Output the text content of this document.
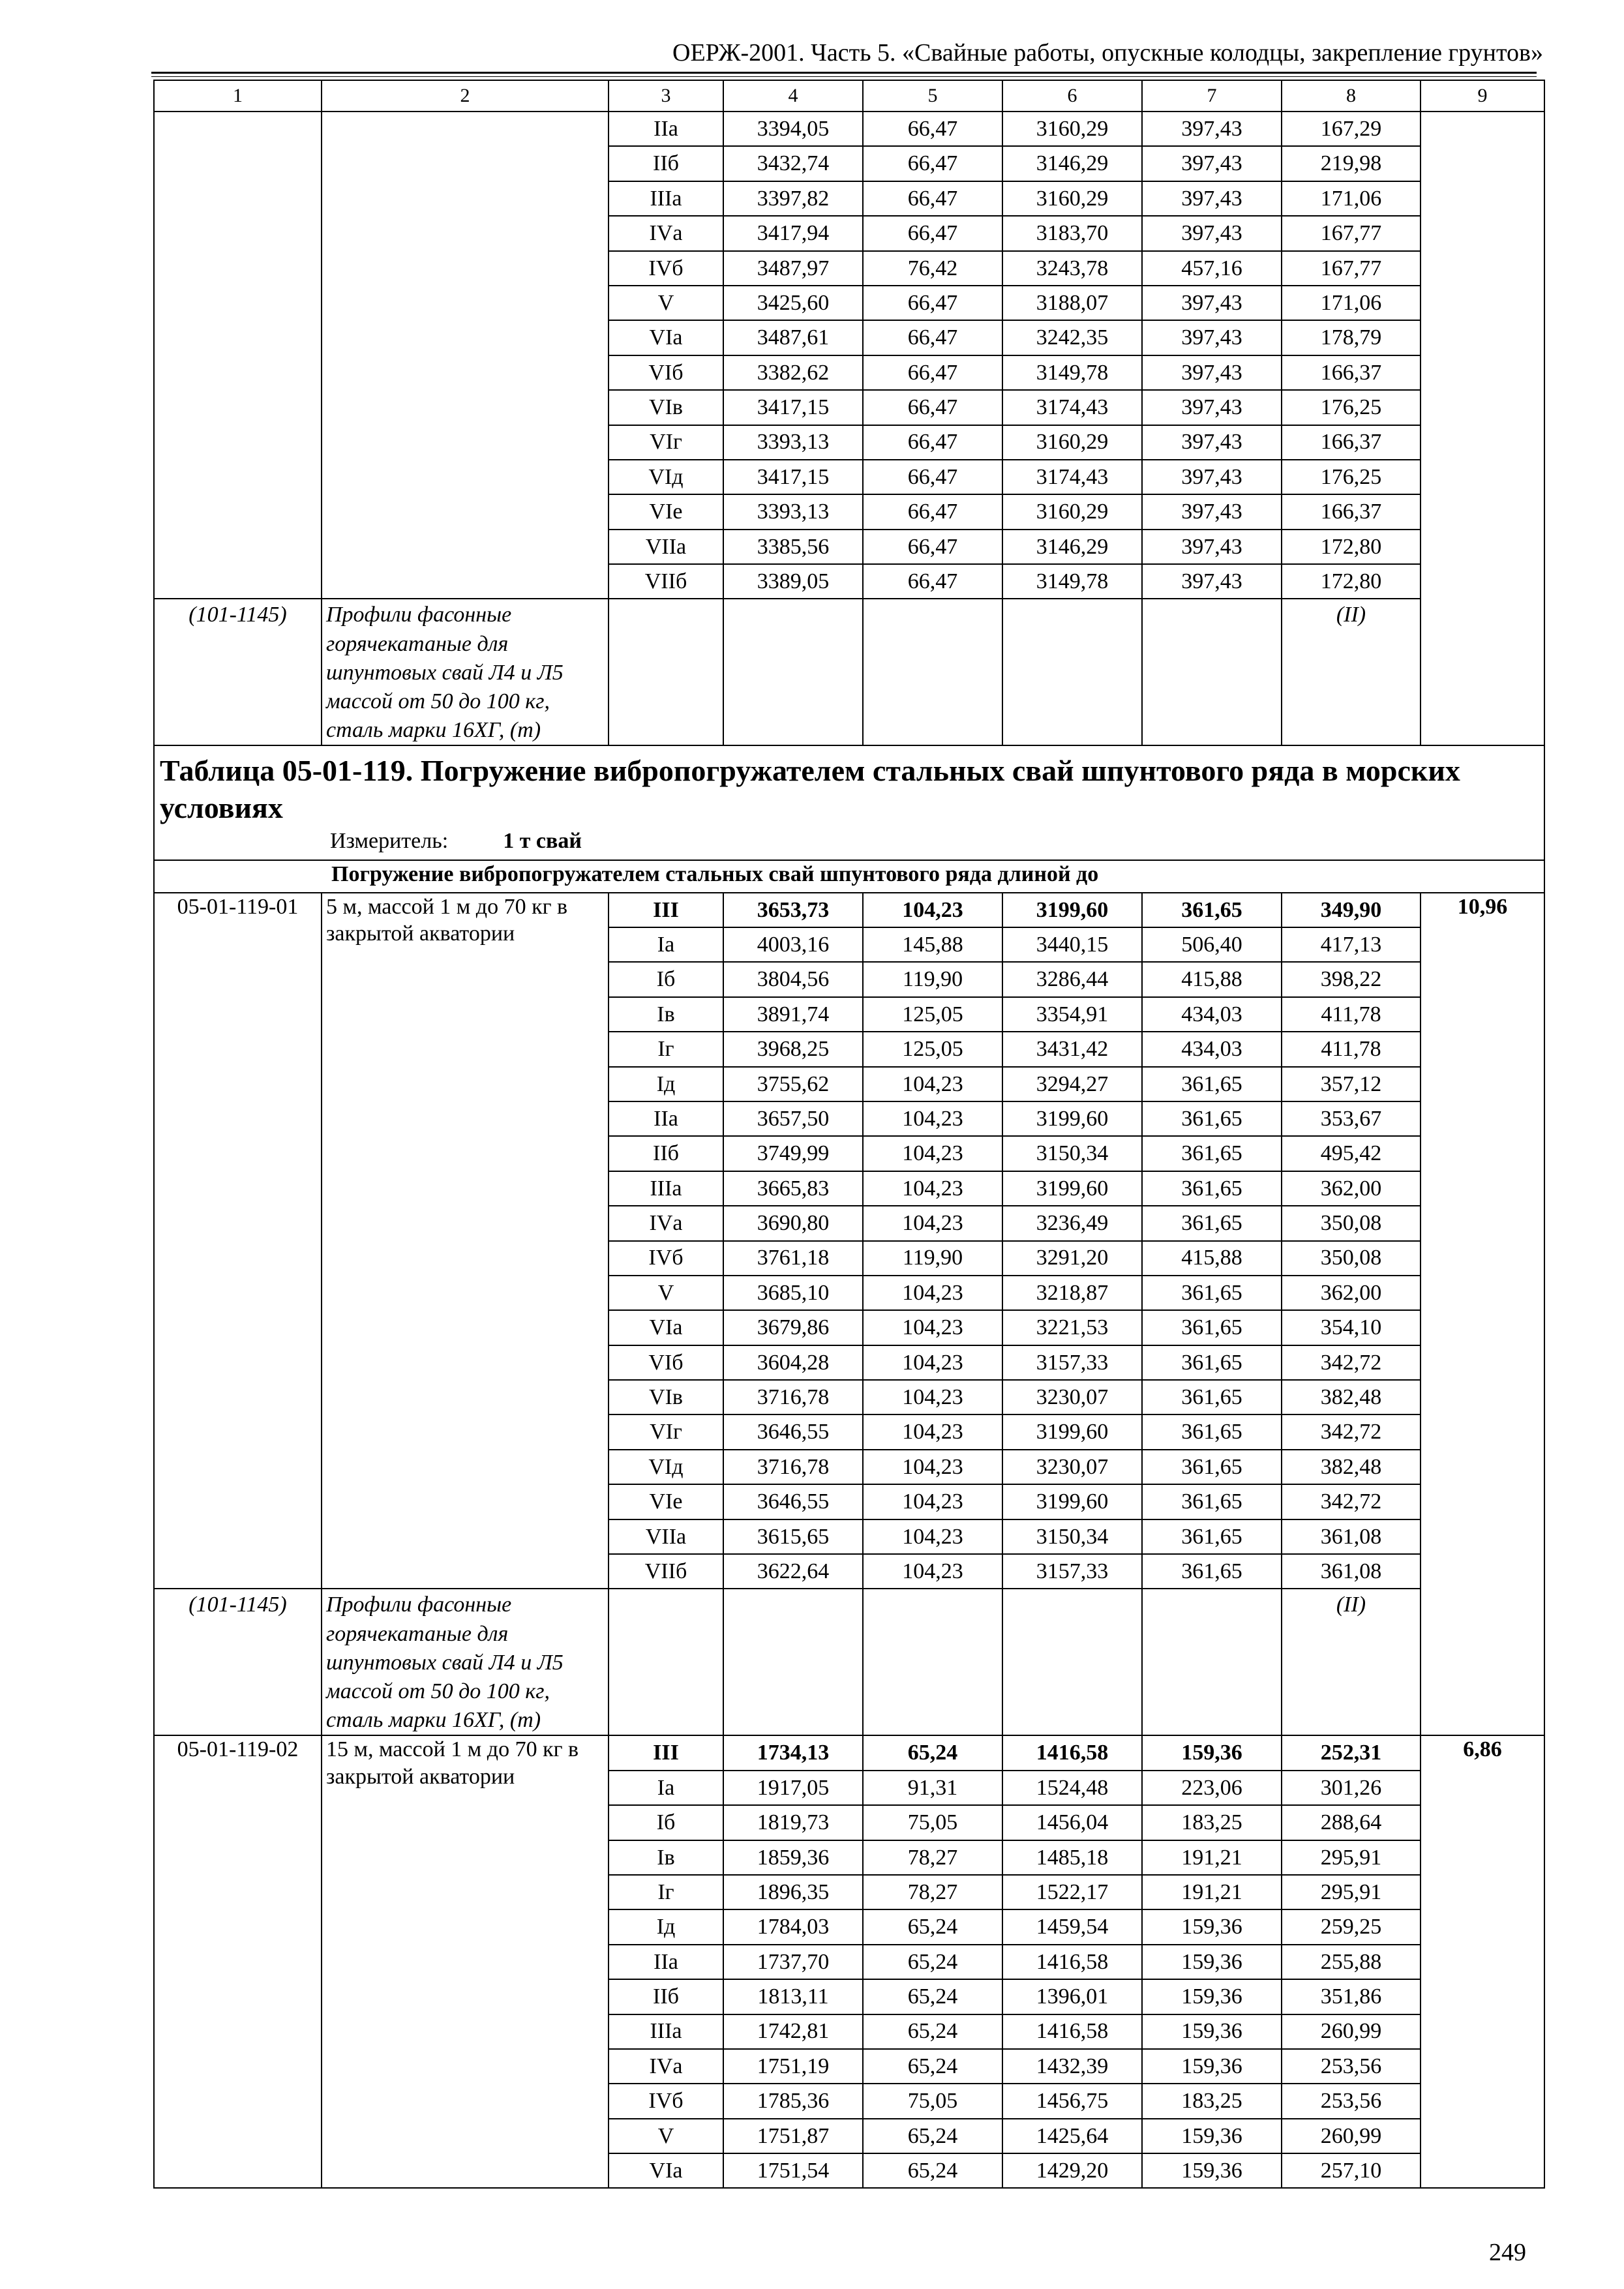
ОЕРЖ-2001. Часть 5. «Свайные работы, опускные колодцы, закрепление грунтов»
1	2	3	4	5	6	7	8	9
		IIа	3394,05	66,47	3160,29	397,43	167,29	
		IIб	3432,74	66,47	3146,29	397,43	219,98	
		IIIа	3397,82	66,47	3160,29	397,43	171,06	
		IVа	3417,94	66,47	3183,70	397,43	167,77	
		IVб	3487,97	76,42	3243,78	457,16	167,77	
		V	3425,60	66,47	3188,07	397,43	171,06	
		VIа	3487,61	66,47	3242,35	397,43	178,79	
		VIб	3382,62	66,47	3149,78	397,43	166,37	
		VIв	3417,15	66,47	3174,43	397,43	176,25	
		VIг	3393,13	66,47	3160,29	397,43	166,37	
		VIд	3417,15	66,47	3174,43	397,43	176,25	
		VIе	3393,13	66,47	3160,29	397,43	166,37	
		VIIа	3385,56	66,47	3146,29	397,43	172,80	
		VIIб	3389,05	66,47	3149,78	397,43	172,80	
(101-1145)	Профили фасонные горячекатаные для шпунтовых свай Л4 и Л5 массой от 50 до 100 кг, сталь марки 16ХГ, (т)						(II)	
Таблица 05-01-119. Погружение вибропогружателем стальных свай шпунтового ряда в морских условиях								
Измеритель: 1 т свай								
Погружение вибропогружателем стальных свай шпунтового ряда длиной до								
05-01-119-01	5 м, массой 1 м до 70 кг в закрытой акватории	III	3653,73	104,23	3199,60	361,65	349,90	10,96
		Iа	4003,16	145,88	3440,15	506,40	417,13	
		Iб	3804,56	119,90	3286,44	415,88	398,22	
		Iв	3891,74	125,05	3354,91	434,03	411,78	
		Iг	3968,25	125,05	3431,42	434,03	411,78	
		Iд	3755,62	104,23	3294,27	361,65	357,12	
		IIа	3657,50	104,23	3199,60	361,65	353,67	
		IIб	3749,99	104,23	3150,34	361,65	495,42	
		IIIа	3665,83	104,23	3199,60	361,65	362,00	
		IVа	3690,80	104,23	3236,49	361,65	350,08	
		IVб	3761,18	119,90	3291,20	415,88	350,08	
		V	3685,10	104,23	3218,87	361,65	362,00	
		VIа	3679,86	104,23	3221,53	361,65	354,10	
		VIб	3604,28	104,23	3157,33	361,65	342,72	
		VIв	3716,78	104,23	3230,07	361,65	382,48	
		VIг	3646,55	104,23	3199,60	361,65	342,72	
		VIд	3716,78	104,23	3230,07	361,65	382,48	
		VIе	3646,55	104,23	3199,60	361,65	342,72	
		VIIа	3615,65	104,23	3150,34	361,65	361,08	
		VIIб	3622,64	104,23	3157,33	361,65	361,08	
(101-1145)	Профили фасонные горячекатаные для шпунтовых свай Л4 и Л5 массой от 50 до 100 кг, сталь марки 16ХГ, (т)						(II)	
05-01-119-02	15 м, массой 1 м до 70 кг в закрытой акватории	III	1734,13	65,24	1416,58	159,36	252,31	6,86
		Iа	1917,05	91,31	1524,48	223,06	301,26	
		Iб	1819,73	75,05	1456,04	183,25	288,64	
		Iв	1859,36	78,27	1485,18	191,21	295,91	
		Iг	1896,35	78,27	1522,17	191,21	295,91	
		Iд	1784,03	65,24	1459,54	159,36	259,25	
		IIа	1737,70	65,24	1416,58	159,36	255,88	
		IIб	1813,11	65,24	1396,01	159,36	351,86	
		IIIа	1742,81	65,24	1416,58	159,36	260,99	
		IVа	1751,19	65,24	1432,39	159,36	253,56	
		IVб	1785,36	75,05	1456,75	183,25	253,56	
		V	1751,87	65,24	1425,64	159,36	260,99	
		VIа	1751,54	65,24	1429,20	159,36	257,10	
249
